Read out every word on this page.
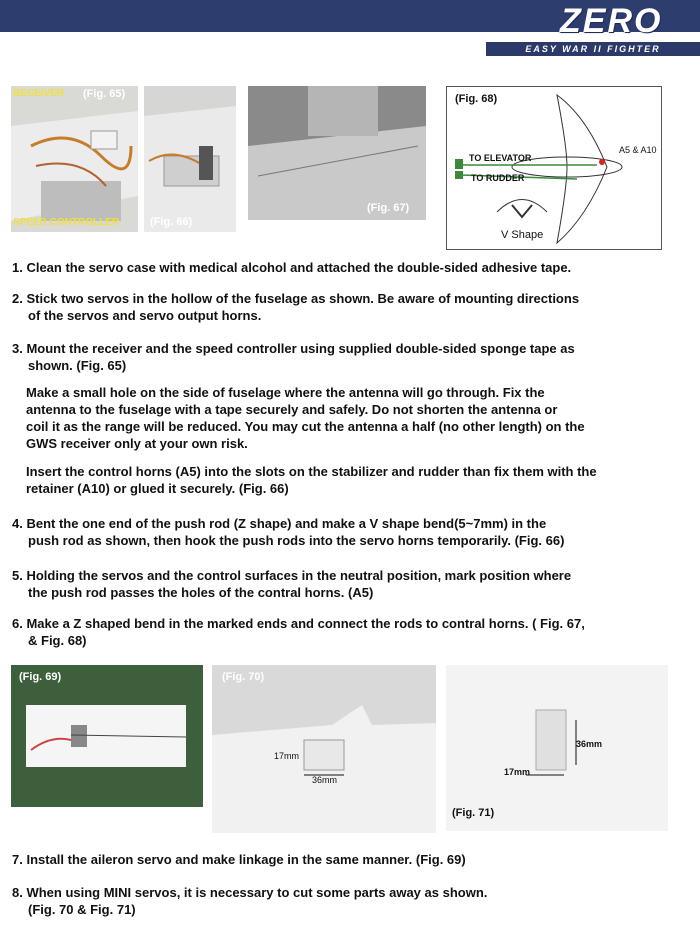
ZERO
EASY WAR II FIGHTER
RECEIVER (Fig. 65)
SPEED CONTROLLER	(Fig. 66)
(Fig. 67)
(Fig. 68)
A5 & A10
TO ELEVATOR
TO RUDDER
V Shape
1. Clean the servo case with medical alcohol and attached the double-sided adhesive tape.
2. Stick two servos in the hollow of the fuselage as shown. Be aware of mounting directions
of the servos and servo output horns.
3. Mount the receiver and the speed controller using supplied double-sided sponge tape as
shown. (Fig. 65)
Make a small hole on the side of fuselage where the antenna will go through. Fix the
antenna to the fuselage with a tape securely and safely. Do not shorten the antenna or
coil it as the range will be reduced. You may cut the antenna a half (no other length) on the
GWS receiver only at your own risk.
Insert the control horns (A5) into the slots on the stabilizer and rudder than fix them with the
retainer (A10) or glued it securely. (Fig. 66)
4. Bent the one end of the push rod (Z shape) and make a V shape bend(5~7mm) in the
push rod as shown, then hook the push rods into the servo horns temporarily. (Fig. 66)
5. Holding the servos and the control surfaces in the neutral position, mark position where
the push rod passes the holes of the contral horns. (A5)
6. Make a Z shaped bend in the marked ends and connect the rods to contral horns. ( Fig. 67,
& Fig. 68)
(Fig. 69)	(Fig. 70)
17mm
36mm
(Fig. 71)
36mm
17mm
7. Install the aileron servo and make linkage in the same manner. (Fig. 69)
8. When using MINI servos, it is necessary to cut some parts away as shown.
(Fig. 70 & Fig. 71)
